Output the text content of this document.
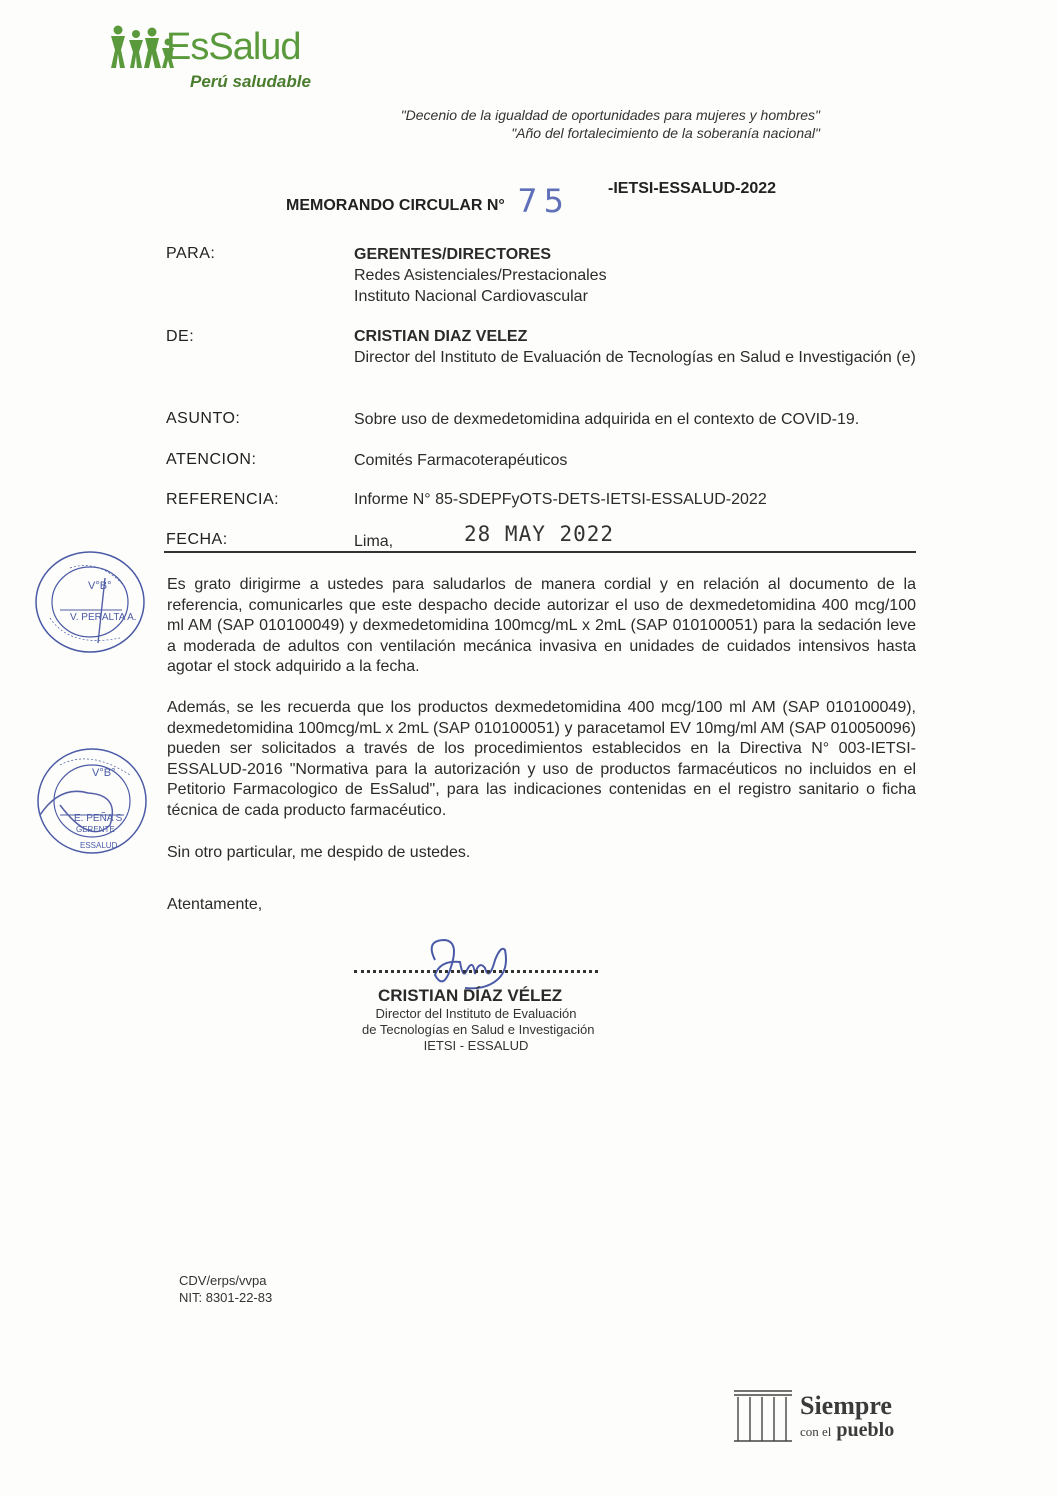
EsSalud
Perú saludable
"Decenio de la igualdad de oportunidades para mujeres y hombres"
"Año del fortalecimiento de la soberanía nacional"
MEMORANDO CIRCULAR N° 75 -IETSI-ESSALUD-2022
PARA:	GERENTES/DIRECTORES
Redes Asistenciales/Prestacionales
Instituto Nacional Cardiovascular
DE:	CRISTIAN DIAZ VELEZ
Director del Instituto de Evaluación de Tecnologías en Salud e Investigación (e)
ASUNTO:	Sobre uso de dexmedetomidina adquirida en el contexto de COVID-19.
ATENCION:	Comités Farmacoterapéuticos
REFERENCIA:	Informe N° 85-SDEPFyOTS-DETS-IETSI-ESSALUD-2022
FECHA:	Lima,	28 MAY 2022
V°B°
V. PERALTA A.
Es grato dirigirme a ustedes para saludarlos de manera cordial y en relación al documento de la referencia, comunicarles que este despacho decide autorizar el uso de dexmedetomidina 400 mcg/100 ml AM (SAP 010100049) y dexmedetomidina 100mcg/mL x 2mL (SAP 010100051) para la sedación leve a moderada de adultos con ventilación mecánica invasiva en unidades de cuidados intensivos hasta agotar el stock adquirido a la fecha.
Además, se les recuerda que los productos dexmedetomidina 400 mcg/100 ml AM (SAP 010100049), dexmedetomidina 100mcg/mL x 2mL (SAP 010100051) y paracetamol EV 10mg/ml AM (SAP 010050096) pueden ser solicitados a través de los procedimientos establecidos en la Directiva N° 003-IETSI-ESSALUD-2016 "Normativa para la autorización y uso de productos farmacéuticos no incluidos en el Petitorio Farmacologico de EsSalud", para las indicaciones contenidas en el registro sanitario o ficha técnica de cada producto farmacéutico.
Sin otro particular, me despido de ustedes.
Atentamente,
V°B°
E. PEÑA S.
GERENTE
ESSALUD
CRISTIAN DÍAZ VÉLEZ
Director del Instituto de Evaluación
de Tecnologías en Salud e Investigación
IETSI - ESSALUD
CDV/erps/vvpa
NIT: 8301-22-83
Siempre
con el pueblo
